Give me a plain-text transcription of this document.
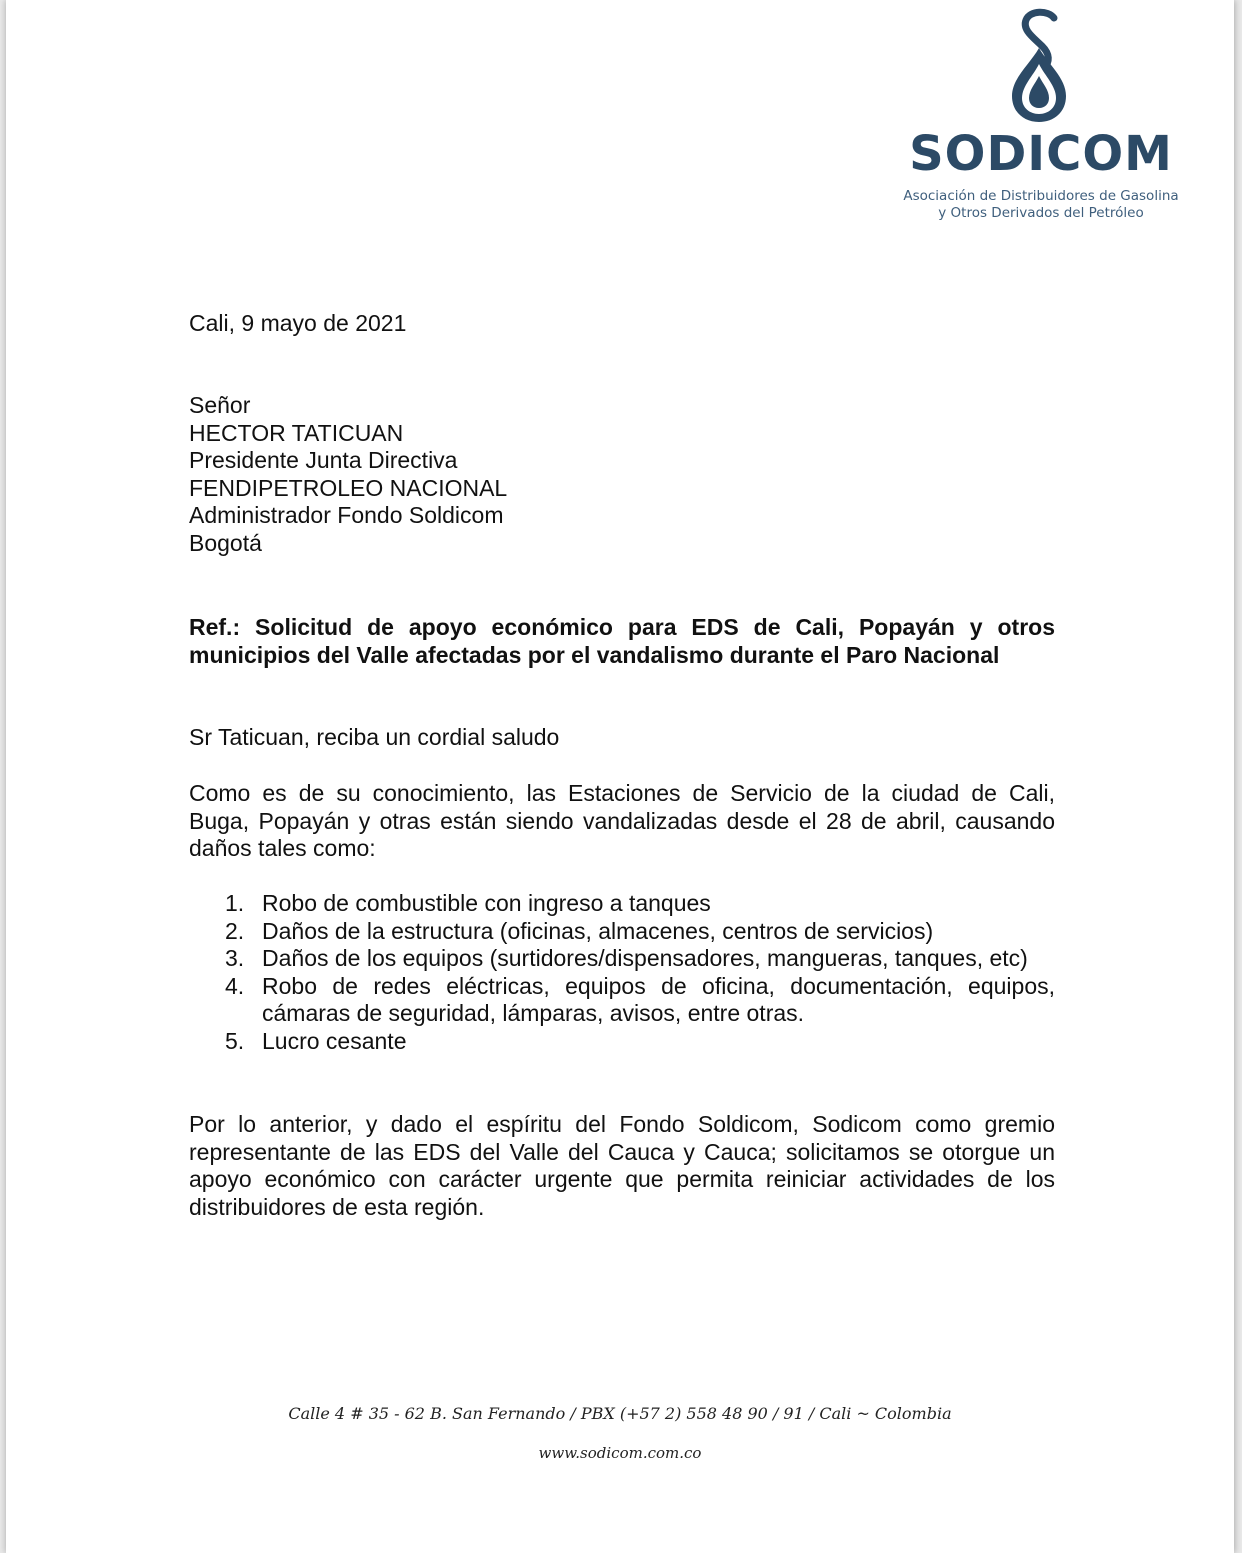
SODICOM
Asociación de Distribuidores de Gasolina
y Otros Derivados del Petróleo
Cali, 9 mayo de 2021
Señor
HECTOR TATICUAN
Presidente Junta Directiva
FENDIPETROLEO NACIONAL
Administrador Fondo Soldicom
Bogotá
Ref.: Solicitud de apoyo económico para EDS de Cali, Popayán y otros
municipios del Valle afectadas por el vandalismo durante el Paro Nacional
Sr Taticuan, reciba un cordial saludo
Como es de su conocimiento, las Estaciones de Servicio de la ciudad de Cali,
Buga, Popayán y otras están siendo vandalizadas desde el 28 de abril, causando
daños tales como:
1. Robo de combustible con ingreso a tanques
2. Daños de la estructura (oficinas, almacenes, centros de servicios)
3. Daños de los equipos (surtidores/dispensadores, mangueras, tanques, etc)
4. Robo de redes eléctricas, equipos de oficina, documentación, equipos,
cámaras de seguridad, lámparas, avisos, entre otras.
5. Lucro cesante
Por lo anterior, y dado el espíritu del Fondo Soldicom, Sodicom como gremio
representante de las EDS del Valle del Cauca y Cauca; solicitamos se otorgue un
apoyo económico con carácter urgente que permita reiniciar actividades de los
distribuidores de esta región.
Calle 4 # 35 - 62 B. San Fernando / PBX (+57 2) 558 48 90 / 91 / Cali ~ Colombia
www.sodicom.com.co
